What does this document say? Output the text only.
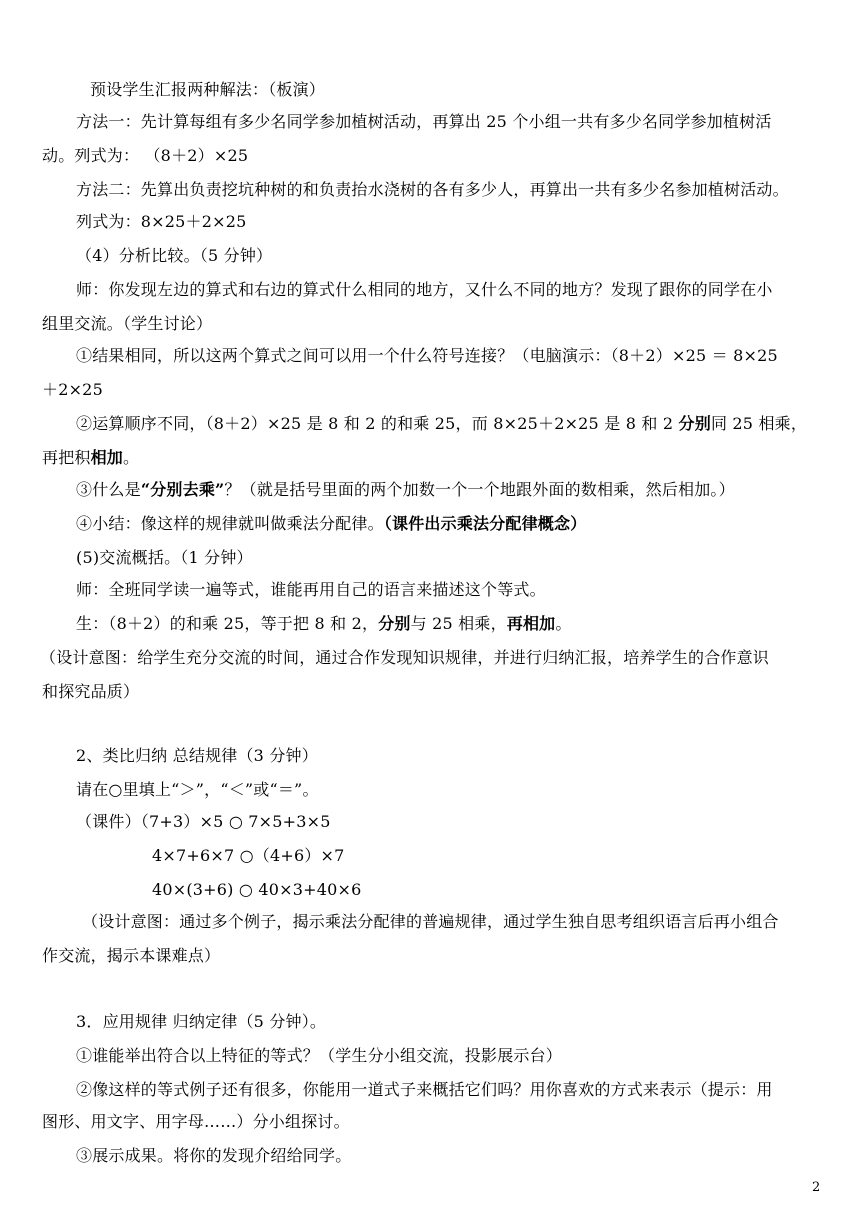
预设学生汇报两种解法：（板演）
方法一：先计算每组有多少名同学参加植树活动，再算出 25 个小组一共有多少名同学参加植树活
动。列式为： （8＋2）×25
方法二：先算出负责挖坑种树的和负责抬水浇树的各有多少人，再算出一共有多少名参加植树活动。
列式为：8×25＋2×25
（4）分析比较。（5 分钟）
师：你发现左边的算式和右边的算式什么相同的地方，又什么不同的地方？发现了跟你的同学在小
组里交流。（学生讨论）
①结果相同，所以这两个算式之间可以用一个什么符号连接？（电脑演示：（8＋2）×25 ＝ 8×25
＋2×25
②运算顺序不同，（8＋2）×25 是 8 和 2 的和乘 25，而 8×25＋2×25 是 8 和 2 分别同 25 相乘，
再把积相加。
③什么是“分别去乘”？（就是括号里面的两个加数一个一个地跟外面的数相乘，然后相加。）
④小结：像这样的规律就叫做乘法分配律。（课件出示乘法分配律概念）
(5)交流概括。（1 分钟）
师：全班同学读一遍等式，谁能再用自己的语言来描述这个等式。
生：（8＋2）的和乘 25，等于把 8 和 2，分别与 25 相乘，再相加。
（设计意图：给学生充分交流的时间，通过合作发现知识规律，并进行归纳汇报，培养学生的合作意识
和探究品质）
2、类比归纳 总结规律（3 分钟）
请在○里填上“＞”，“＜”或“＝”。
（课件）（7+3）×5 ○ 7×5+3×5
4×7+6×7 ○（4+6）×7
40×(3+6) ○ 40×3+40×6
（设计意图：通过多个例子，揭示乘法分配律的普遍规律，通过学生独自思考组织语言后再小组合
作交流，揭示本课难点）
3．应用规律 归纳定律（5 分钟）。
①谁能举出符合以上特征的等式？（学生分小组交流，投影展示台）
②像这样的等式例子还有很多，你能用一道式子来概括它们吗？用你喜欢的方式来表示（提示：用
图形、用文字、用字母……）分小组探讨。
③展示成果。将你的发现介绍给同学。
2
